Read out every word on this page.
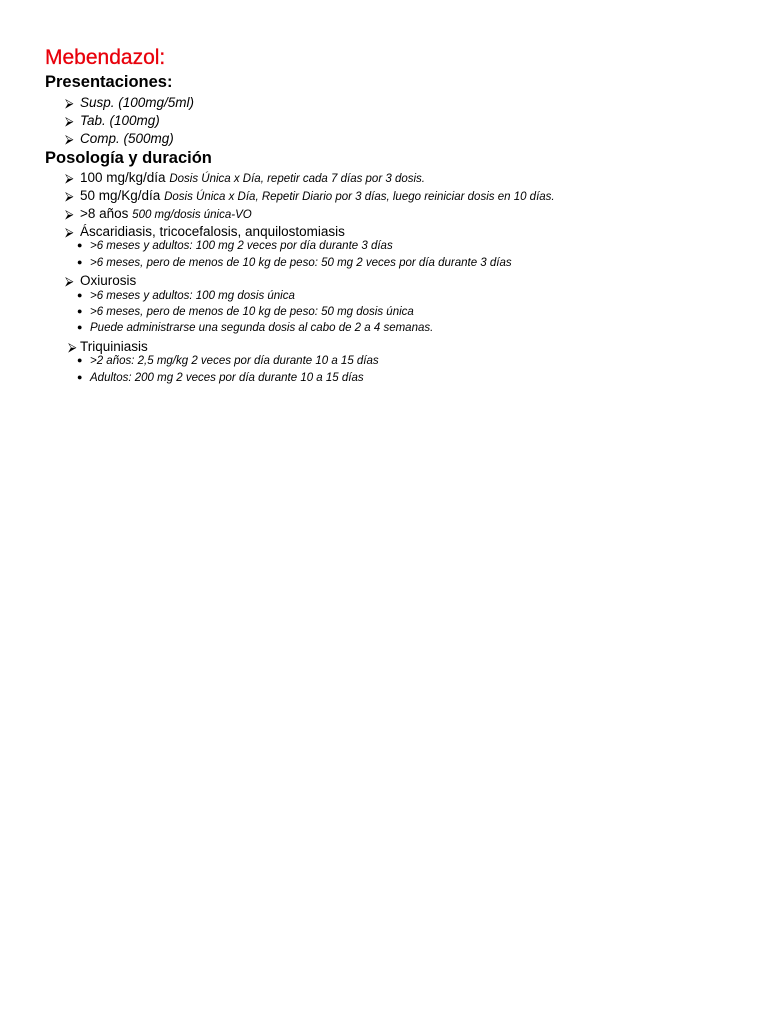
Mebendazol:
Presentaciones:
⮚ Susp. (100mg/5ml)
⮚ Tab. (100mg)
⮚ Comp. (500mg)
Posología y duración
⮚ 100 mg/kg/día Dosis Única x Día, repetir cada 7 días por 3 dosis.
⮚ 50 mg/Kg/día Dosis Única x Día, Repetir Diario por 3 días, luego reiniciar dosis en 10 días.
⮚ >8 años 500 mg/dosis única-VO
⮚ Áscaridiasis, tricocefalosis, anquilostomiasis
● >6 meses y adultos: 100 mg 2 veces por día durante 3 días
● >6 meses, pero de menos de 10 kg de peso: 50 mg 2 veces por día durante 3 días
⮚ Oxiurosis
● >6 meses y adultos: 100 mg dosis única
● >6 meses, pero de menos de 10 kg de peso: 50 mg dosis única
● Puede administrarse una segunda dosis al cabo de 2 a 4 semanas.
⮚ Triquiniasis
● >2 años: 2,5 mg/kg 2 veces por día durante 10 a 15 días
● Adultos: 200 mg 2 veces por día durante 10 a 15 días
